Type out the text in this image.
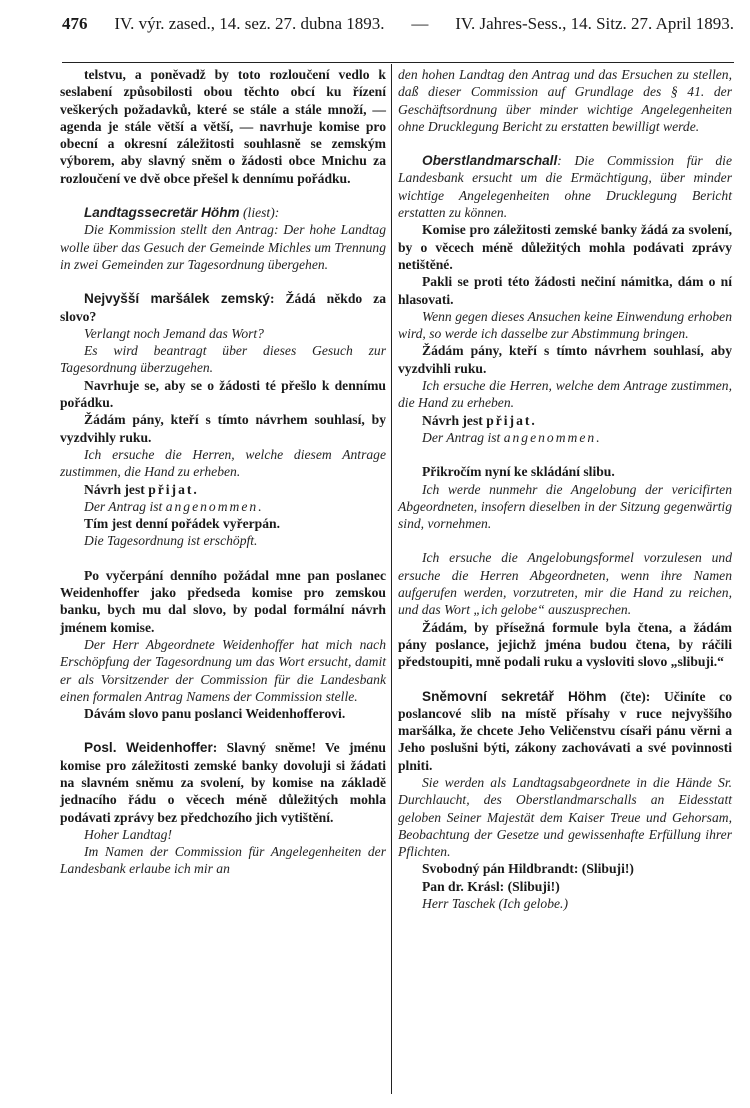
476 IV. výr. zased., 14. sez. 27. dubna 1893. — IV. Jahres-Sess., 14. Sitz. 27. April 1893.

telstvu, a poněvadž by toto rozloučení vedlo k seslabení způsobilosti obou těchto obcí ku řízení veškerých požadavků, které se stále a stále množí, — agenda je stále větší a větší, — navrhuje komise pro obecní a okresní záležitosti souhlasně se zemským výborem, aby slavný sněm o žádosti obce Mnichu za rozloučení ve dvě obce přešel k dennímu pořádku.

Landtagssecretär Höhm (liest):

Die Kommission stellt den Antrag: Der hohe Landtag wolle über das Gesuch der Gemeinde Michles um Trennung in zwei Gemeinden zur Tagesordnung übergehen.

Nejvyšší maršálek zemský: Žádá někdo za slovo?

Verlangt noch Jemand das Wort?

Es wird beantragt über dieses Gesuch zur Tagesordnung überzugehen.

Navrhuje se, aby se o žádosti té přešlo k dennímu pořádku.

Žádám pány, kteří s tímto návrhem souhlasí, by vyzdvihly ruku.

Ich ersuche die Herren, welche diesem Antrage zustimmen, die Hand zu erheben.

Návrh jest přijat.

Der Antrag ist angenommen.

Tím jest denní pořádek vyřerpán.

Die Tagesordnung ist erschöpft.

Po vyčerpání denního požádal mne pan poslanec Weidenhoffer jako předseda komise pro zemskou banku, bych mu dal slovo, by podal formální návrh jménem komise.

Der Herr Abgeordnete Weidenhoffer hat mich nach Erschöpfung der Tagesordnung um das Wort ersucht, damit er als Vorsitzender der Commission für die Landesbank einen formalen Antrag Namens der Commission stelle.

Dávám slovo panu poslanci Weidenhofferovi.

Posl. Weidenhoffer: Slavný sněme! Ve jménu komise pro záležitosti zemské banky dovoluji si žádati na slavném sněmu za svolení, by komise na základě jednacího řádu o věcech méně důležitých mohla podávati zprávy bez předchozího jich vytištění.

Hoher Landtag!

Im Namen der Commission für Angelegenheiten der Landesbank erlaube ich mir an

den hohen Landtag den Antrag und das Ersuchen zu stellen, daß dieser Commission auf Grundlage des § 41. der Geschäftsordnung über minder wichtige Angelegenheiten ohne Drucklegung Bericht zu erstatten bewilligt werde.

Oberstlandmarschall: Die Commission für die Landesbank ersucht um die Ermächtigung, über minder wichtige Angelegenheiten ohne Drucklegung Bericht erstatten zu können.

Komise pro záležitosti zemské banky žádá za svolení, by o věcech méně důležitých mohla podávati zprávy netištěné.

Pakli se proti této žádosti nečiní námitka, dám o ní hlasovati.

Wenn gegen dieses Ansuchen keine Einwendung erhoben wird, so werde ich dasselbe zur Abstimmung bringen.

Žádám pány, kteří s tímto návrhem souhlasí, aby vyzdvihli ruku.

Ich ersuche die Herren, welche dem Antrage zustimmen, die Hand zu erheben.

Návrh jest přijat.

Der Antrag ist angenommen.

Přikročím nyní ke skládání slibu.

Ich werde nunmehr die Angelobung der vericifirten Abgeordneten, insofern dieselben in der Sitzung gegenwärtig sind, vornehmen.

Ich ersuche die Angelobungsformel vorzulesen und ersuche die Herren Abgeordneten, wenn ihre Namen aufgerufen werden, vorzutreten, mir die Hand zu reichen, und das Wort „ich gelobe“ auszusprechen.

Žádám, by přísežná formule byla čtena, a žádám pány poslance, jejichž jména budou čtena, by ráčili předstoupiti, mně podali ruku a vysloviti slovo „slibuji.“

Sněmovní sekretář Höhm (čte): Učiníte co poslancové slib na místě přísahy v ruce nejvyššího maršálka, že chcete Jeho Veličenstvu císaři pánu věrni a Jeho poslušni býti, zákony zachovávati a své povinnosti plniti.

Sie werden als Landtagsabgeordnete in die Hände Sr. Durchlaucht, des Oberstlandmarschalls an Eidesstatt geloben Seiner Majestät dem Kaiser Treue und Gehorsam, Beobachtung der Gesetze und gewissenhafte Erfüllung ihrer Pflichten.

Svobodný pán Hildbrandt: (Slibuji!)

Pan dr. Krásl: (Slibuji!)

Herr Taschek (Ich gelobe.)
